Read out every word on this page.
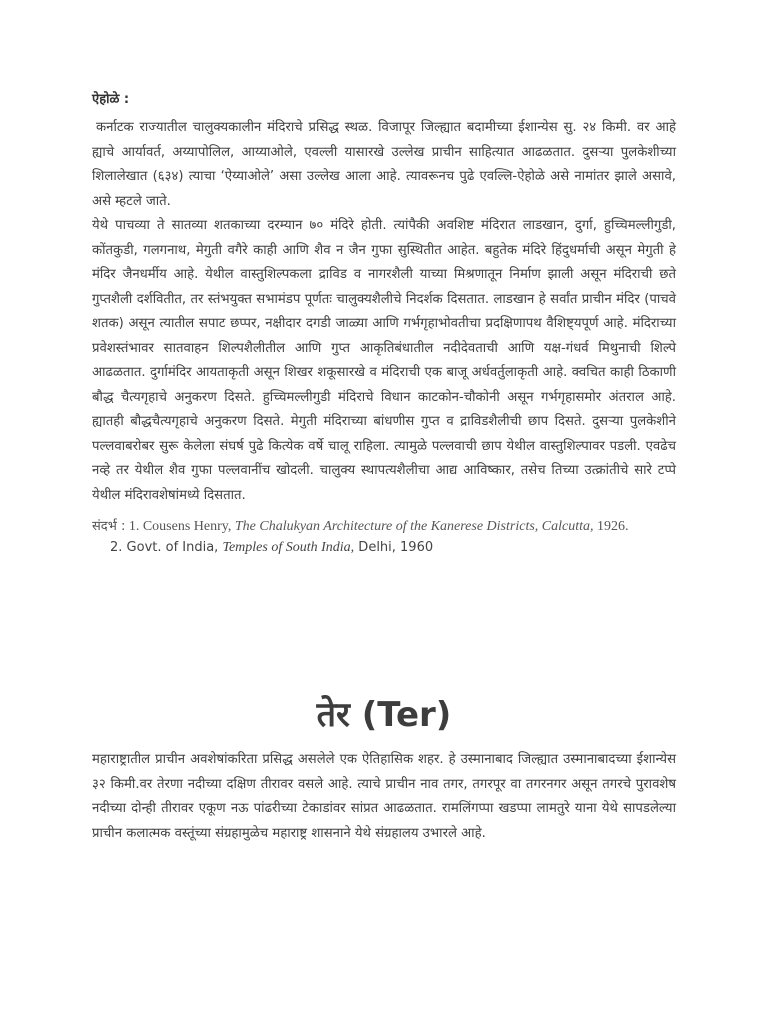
ऐहोळे :

कर्नाटक राज्यातील चालुक्यकालीन मंदिराचे प्रसिद्ध स्थळ. विजापूर जिल्ह्यात बदामीच्या ईशान्येस सु. २४ किमी. वर आहे ह्याचे आर्यावर्त, अय्यापोलिल, आय्याओले, एवल्ली यासारखे उल्लेख प्राचीन साहित्यात आढळतात. दुसऱ्या पुलकेशीच्या शिलालेखात (६३४) त्याचा ‘ऐय्याओले’ असा उल्लेख आला आहे. त्यावरूनच पुढे एवल्लि-ऐहोळे असे नामांतर झाले असावे, असे म्हटले जाते.

येथे पाचव्या ते सातव्या शतकाच्या दरम्यान ७० मंदिरे होती. त्यांपैकी अवशिष्ट मंदिरात लाडखान, दुर्गा, हुच्चिमल्लीगुडी, कोंतकुडी, गलगनाथ, मेगुती वगैरे काही आणि शैव न जैन गुफा सुस्थितीत आहेत. बहुतेक मंदिरे हिंदुधर्माची असून मेगुती हे मंदिर जैनधर्मीय आहे. येथील वास्तुशिल्पकला द्राविड व नागरशैली याच्या मिश्रणातून निर्माण झाली असून मंदिराची छते गुप्तशैली दर्शवितीत, तर स्तंभयुक्त सभामंडप पूर्णतः चालुक्यशैलीचे निदर्शक दिसतात. लाडखान हे सर्वांत प्राचीन मंदिर (पाचवे शतक) असून त्यातील सपाट छप्पर, नक्षीदार दगडी जाळ्या आणि गर्भगृहाभोवतीचा प्रदक्षिणापथ वैशिष्ट्यपूर्ण आहे. मंदिराच्या प्रवेशस्तंभावर सातवाहन शिल्पशैलीतील आणि गुप्त आकृतिबंधातील नदीदेवताची आणि यक्ष-गंधर्व मिथुनाची शिल्पे आढळतात. दुर्गामंदिर आयताकृती असून शिखर शकूसारखे व मंदिराची एक बाजू अर्धवर्तुलाकृती आहे. क्वचित काही ठिकाणी बौद्ध चैत्यगृहाचे अनुकरण दिसते. हुच्चिमल्लीगुडी मंदिराचे विधान काटकोन-चौकोनी असून गर्भगृहासमोर अंतराल आहे. ह्यातही बौद्धचैत्यगृहाचे अनुकरण दिसते. मेगुती मंदिराच्या बांधणीस गुप्त व द्राविडशैलीची छाप दिसते. दुसऱ्या पुलकेशीने पल्लवाबरोबर सुरू केलेला संघर्ष पुढे कित्येक वर्षे चालू राहिला. त्यामुळे पल्लवाची छाप येथील वास्तुशिल्पावर पडली. एवढेच नव्हे तर येथील शैव गुफा पल्लवानींच खोदली. चालुक्य स्थापत्यशैलीचा आद्य आविष्कार, तसेच तिच्या उत्क्रांतीचे सारे टप्पे येथील मंदिरावशेषांमध्ये दिसतात.

संदर्भ : 1. Cousens Henry, The Chalukyan Architecture of the Kanerese Districts, Calcutta, 1926.
2. Govt. of India, Temples of South India, Delhi, 1960
तेर (Ter)

महाराष्ट्रातील प्राचीन अवशेषांकरिता प्रसिद्ध असलेले एक ऐतिहासिक शहर. हे उस्मानाबाद जिल्ह्यात उस्मानाबादच्या ईशान्येस ३२ किमी.वर तेरणा नदीच्या दक्षिण तीरावर वसले आहे. त्याचे प्राचीन नाव तगर, तगरपूर वा तगरनगर असून तगरचे पुरावशेष नदीच्या दोन्ही तीरावर एकूण नऊ पांढरीच्या टेकाडांवर सांप्रत आढळतात. रामलिंगप्पा खडप्पा लामतुरे याना येथे सापडलेल्या प्राचीन कलात्मक वस्तूंच्या संग्रहामुळेच महाराष्ट्र शासनाने येथे संग्रहालय उभारले आहे.
